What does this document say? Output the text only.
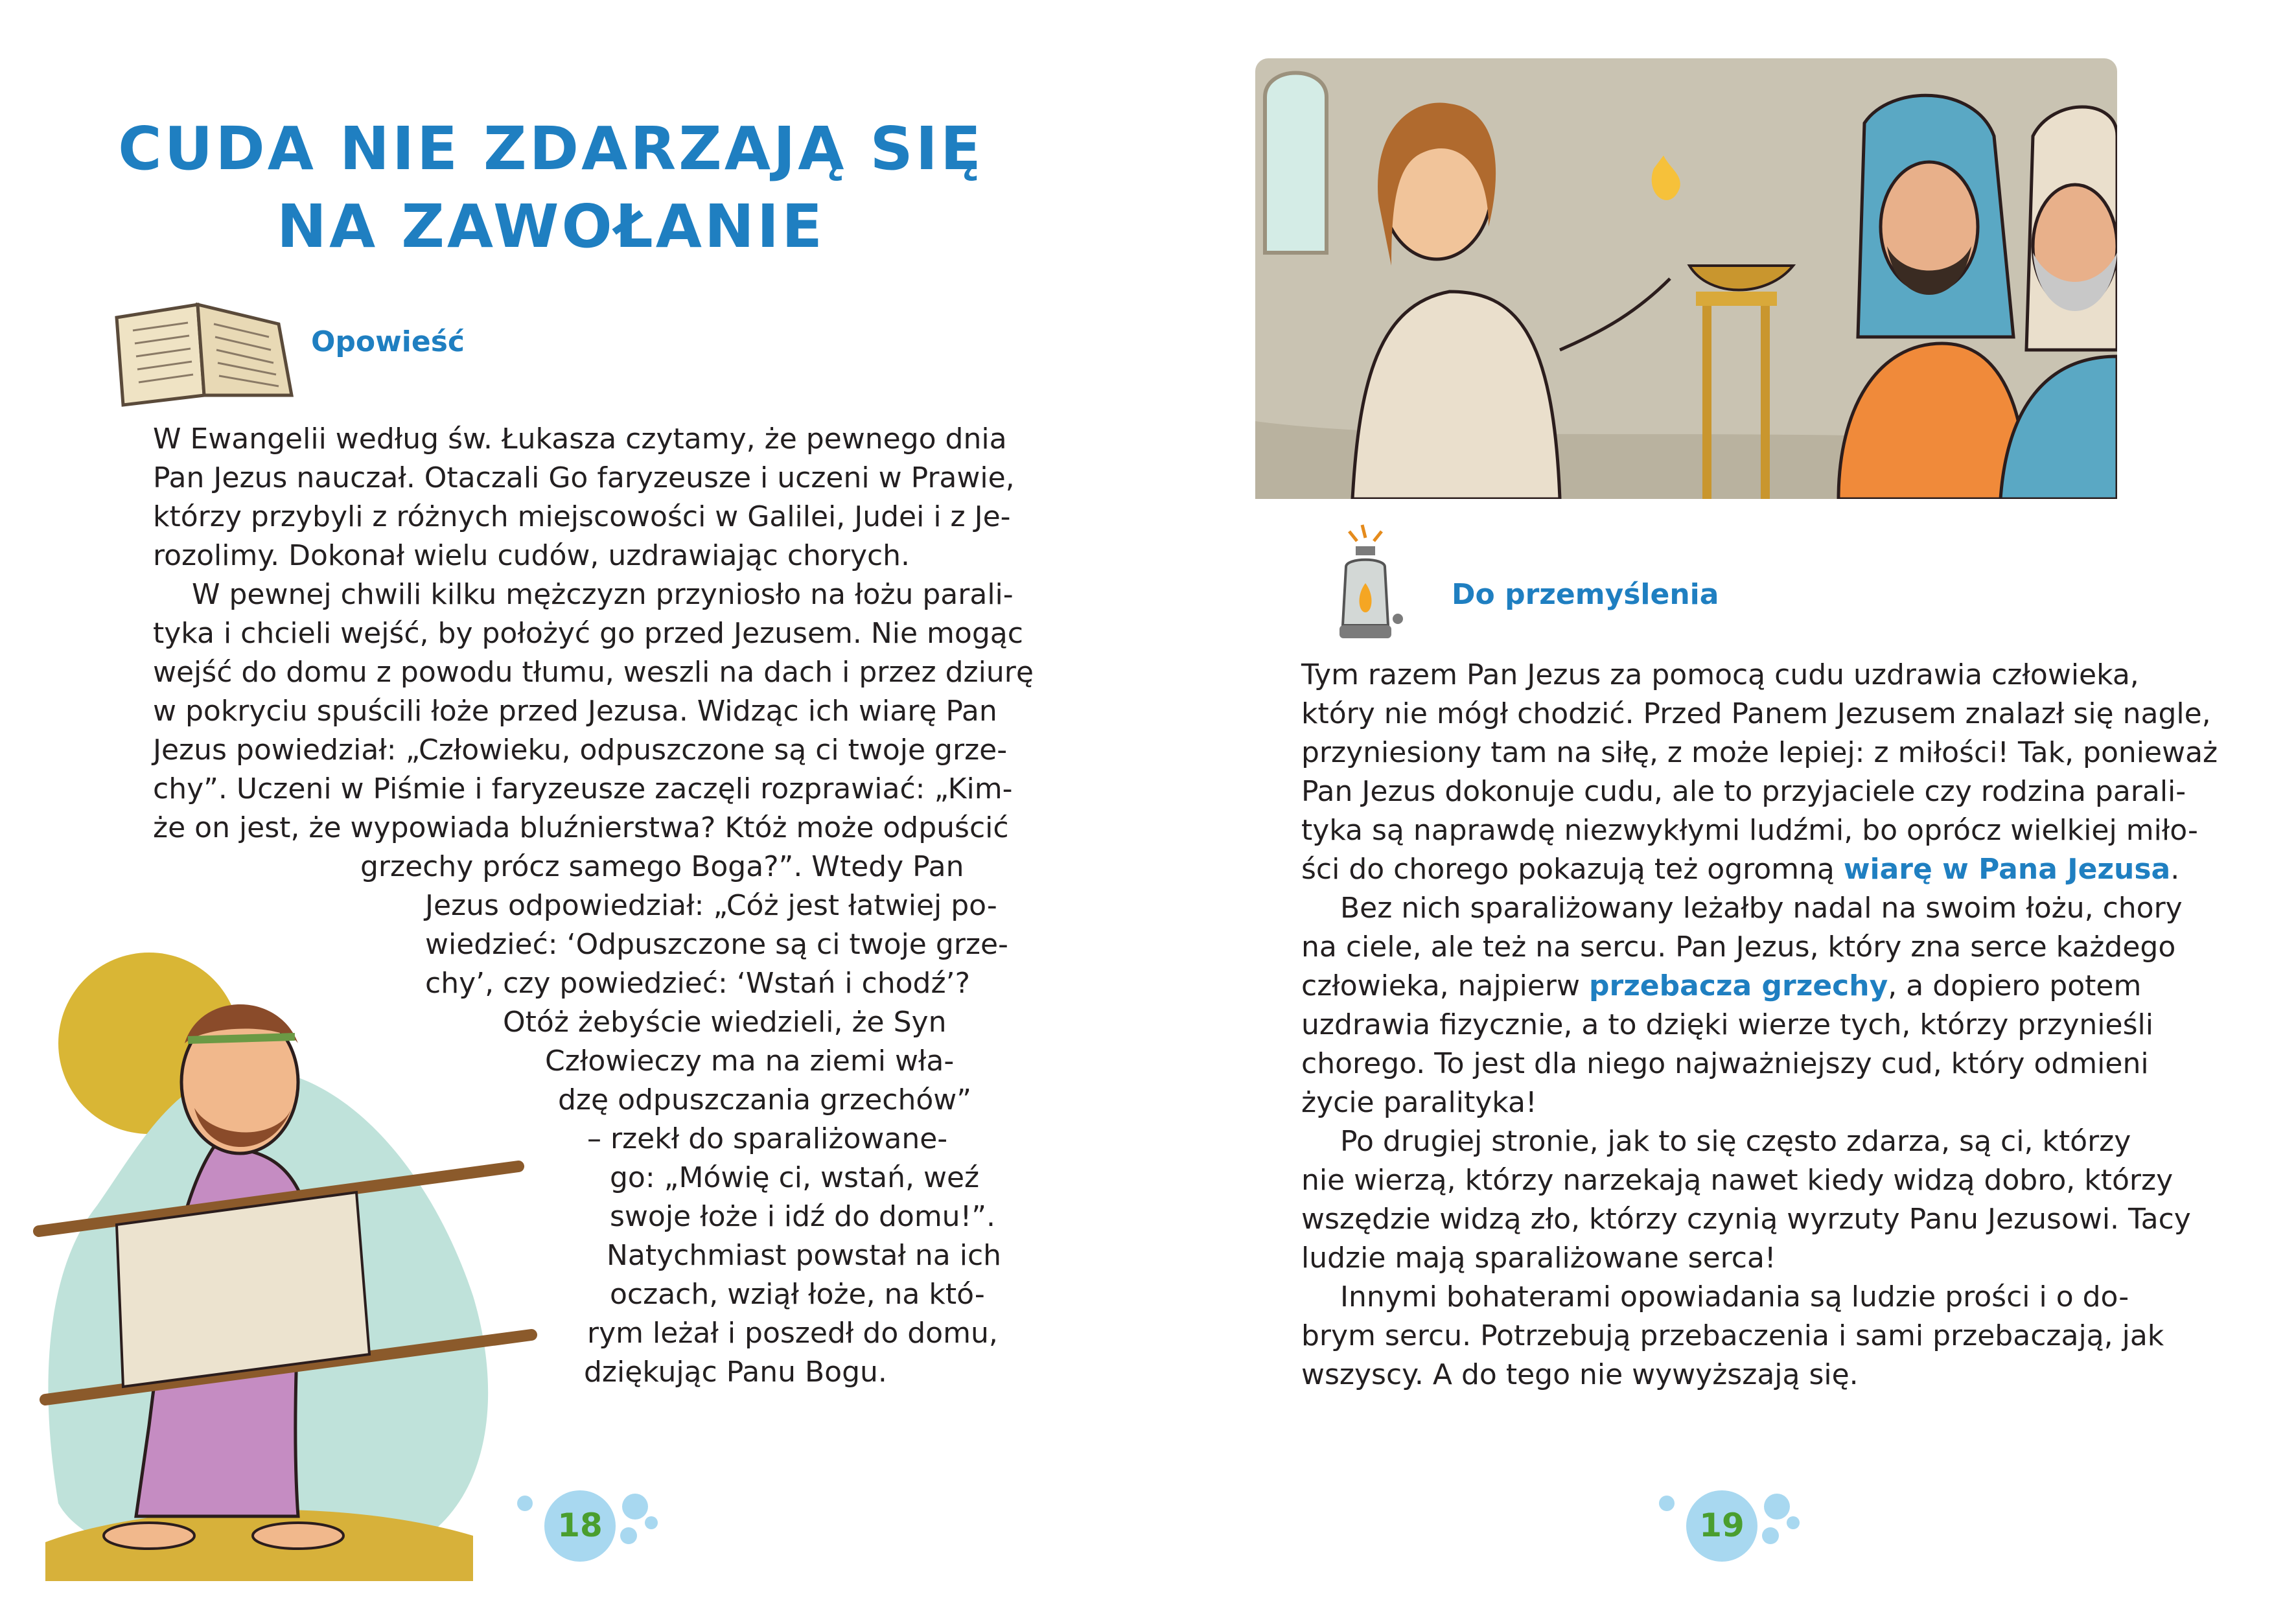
CUDA NIE ZDARZAJĄ SIĘ
NA ZAWOŁANIE
Opowieść
W Ewangelii według św. Łukasza czytamy, że pewnego dnia
Pan Jezus nauczał. Otaczali Go faryzeusze i uczeni w Prawie,
którzy przybyli z różnych miejscowości w Galilei, Judei i z Je-
rozolimy. Dokonał wielu cudów, uzdrawiając chorych.
W pewnej chwili kilku mężczyzn przyniosło na łożu parali-
tyka i chcieli wejść, by położyć go przed Jezusem. Nie mogąc
wejść do domu z powodu tłumu, weszli na dach i przez dziurę
w pokryciu spuścili łoże przed Jezusa. Widząc ich wiarę Pan
Jezus powiedział: „Człowieku, odpuszczone są ci twoje grze-
chy”. Uczeni w Piśmie i faryzeusze zaczęli rozprawiać: „Kim-
że on jest, że wypowiada bluźnierstwa? Któż może odpuścić
grzechy prócz samego Boga?”. Wtedy Pan
Jezus odpowiedział: „Cóż jest łatwiej po-
wiedzieć: ‘Odpuszczone są ci twoje grze-
chy’, czy powiedzieć: ‘Wstań i chodź’?
Otóż żebyście wiedzieli, że Syn
Człowieczy ma na ziemi wła-
dzę odpuszczania grzechów”
– rzekł do sparaliżowane-
go: „Mówię ci, wstań, weź
swoje łoże i idź do domu!”.
Natychmiast powstał na ich
oczach, wziął łoże, na któ-
rym leżał i poszedł do domu,
dziękując Panu Bogu.
18
Do przemyślenia
Tym razem Pan Jezus za pomocą cudu uzdrawia człowieka,
który nie mógł chodzić. Przed Panem Jezusem znalazł się nagle,
przyniesiony tam na siłę, z może lepiej: z miłości! Tak, ponieważ
Pan Jezus dokonuje cudu, ale to przyjaciele czy rodzina parali-
tyka są naprawdę niezwykłymi ludźmi, bo oprócz wielkiej miło-
ści do chorego pokazują też ogromną wiarę w Pana Jezusa.
Bez nich sparaliżowany leżałby nadal na swoim łożu, chory
na ciele, ale też na sercu. Pan Jezus, który zna serce każdego
człowieka, najpierw przebacza grzechy, a dopiero potem
uzdrawia fizycznie, a to dzięki wierze tych, którzy przynieśli
chorego. To jest dla niego najważniejszy cud, który odmieni
życie paralityka!
Po drugiej stronie, jak to się często zdarza, są ci, którzy
nie wierzą, którzy narzekają nawet kiedy widzą dobro, którzy
wszędzie widzą zło, którzy czynią wyrzuty Panu Jezusowi. Tacy
ludzie mają sparaliżowane serca!
Innymi bohaterami opowiadania są ludzie prości i o do-
brym sercu. Potrzebują przebaczenia i sami przebaczają, jak
wszyscy. A do tego nie wywyższają się.
19
